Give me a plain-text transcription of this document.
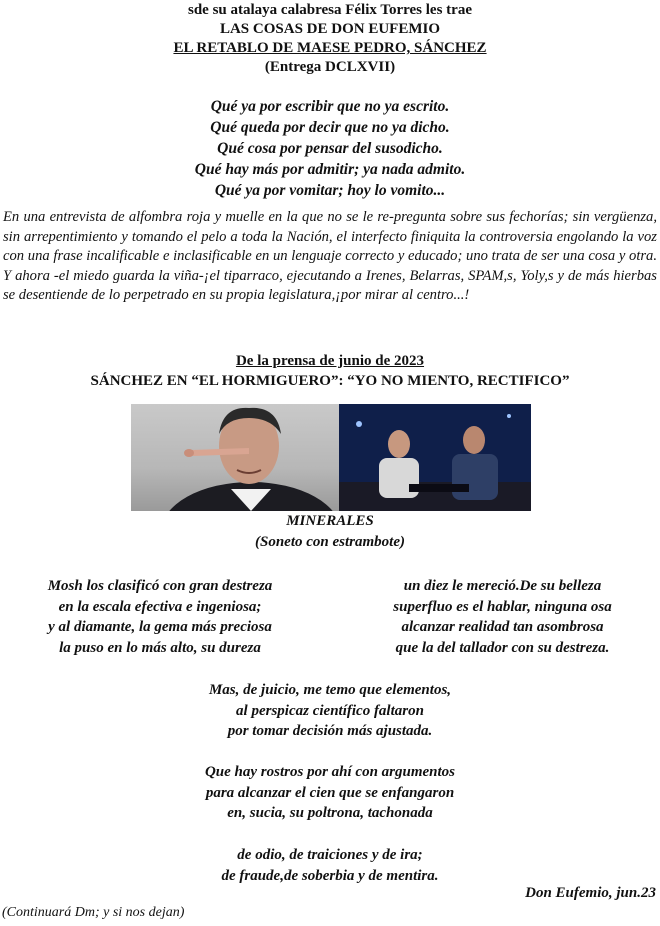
sde su atalaya calabresa Félix Torres les trae
LAS COSAS DE DON EUFEMIO
EL RETABLO DE MAESE PEDRO, SÁNCHEZ
(Entrega DCLXVII)
Qué ya por escribir que no ya escrito.
Qué queda por decir que no ya dicho.
Qué cosa por pensar del susodicho.
Qué hay más por admitir; ya nada admito.
Qué ya por vomitar; hoy lo vomito...

En una entrevista de alfombra roja y muelle en la que no se le re-pregunta sobre sus fechorías; sin vergüenza, sin arrepentimiento y tomando el pelo a toda la Nación, el interfecto finiquita la controversia engolando la voz con una frase incalificable e inclasificable en un lenguaje correcto y educado; uno trata de ser una cosa y otra. Y ahora -el miedo guarda la viña-¡el tiparraco, ejecutando a Irenes, Belarras, SPAM,s, Yoly,s y de más hierbas se desentiende de lo perpetrado en su propia legislatura,¡por mirar al centro...!

De la prensa de junio de 2023
SÁNCHEZ EN “EL HORMIGUERO”: “YO NO MIENTO, RECTIFICO”
MINERALES
(Soneto con estrambote)
Mosh los clasificó con gran destreza
en la escala efectiva e ingeniosa;
y al diamante, la gema más preciosa
la puso en lo más alto, su dureza
un diez le mereció.De su belleza
superfluo es el hablar, ninguna osa
alcanzar realidad tan asombrosa
que la del tallador con su destreza.
Mas, de juicio, me temo que elementos,
al perspicaz científico faltaron
por tomar decisión más ajustada.
Que hay rostros por ahí con argumentos
para alcanzar el cien que se enfangaron
en, sucia, su poltrona, tachonada
de odio, de traiciones y de ira;
de fraude,de soberbia y de mentira.
Don Eufemio, jun.23
(Continuará Dm; y si nos dejan)
